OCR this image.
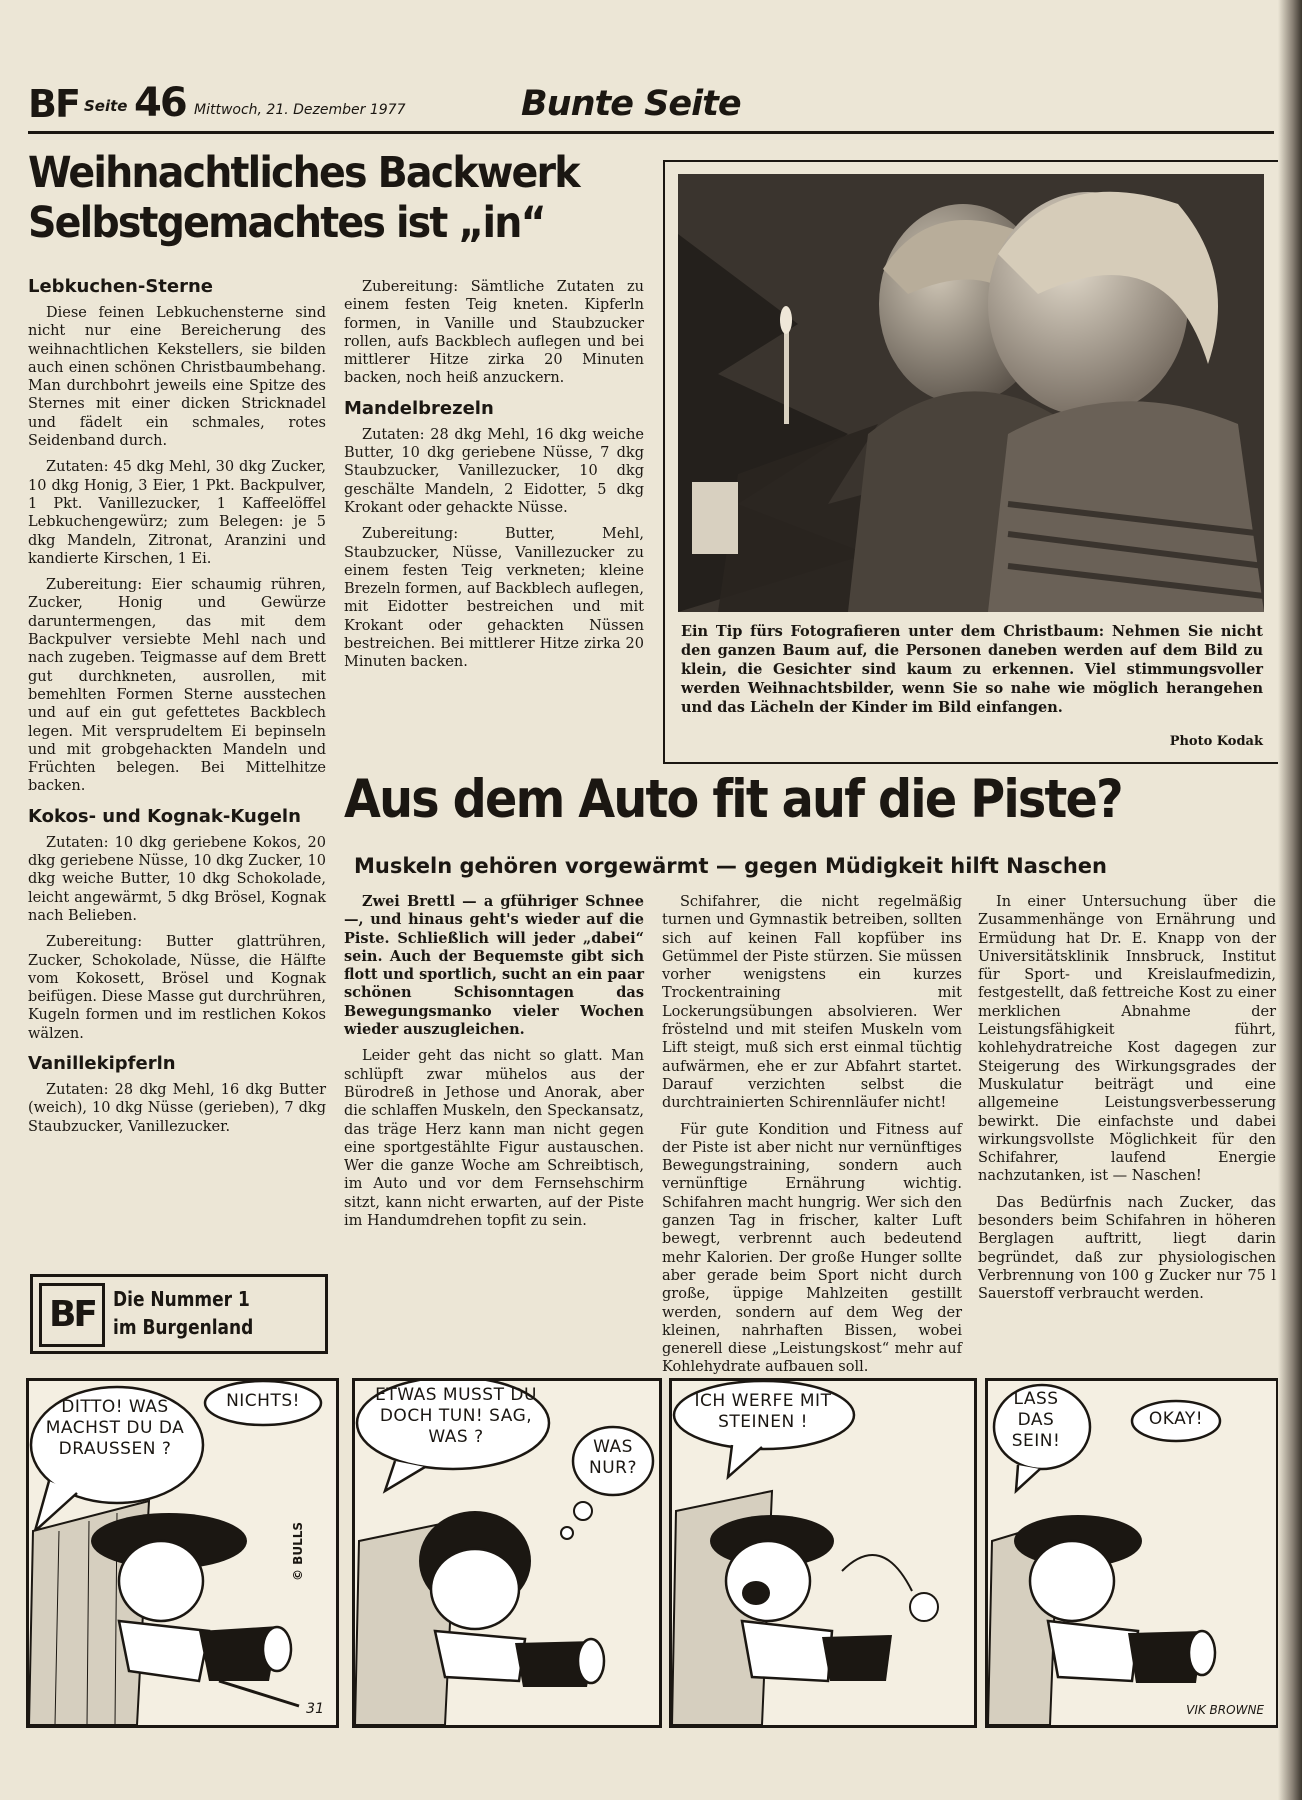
BF Seite 46 Mittwoch, 21. Dezember 1977	Bunte Seite
Weihnachtliches Backwerk
Selbstgemachtes ist „in“
Lebkuchen-Sterne

Diese feinen Lebkuchensterne sind nicht nur eine Bereicherung des weihnachtlichen Kekstellers, sie bilden auch einen schönen Christbaumbehang. Man durchbohrt jeweils eine Spitze des Sternes mit einer dicken Stricknadel und fädelt ein schmales, rotes Seidenband durch.

Zutaten: 45 dkg Mehl, 30 dkg Zucker, 10 dkg Honig, 3 Eier, 1 Pkt. Backpulver, 1 Pkt. Vanillezucker, 1 Kaffeelöffel Lebkuchengewürz; zum Belegen: je 5 dkg Mandeln, Zitronat, Aranzini und kandierte Kirschen, 1 Ei.

Zubereitung: Eier schaumig rühren, Zucker, Honig und Gewürze daruntermengen, das mit dem Backpulver versiebte Mehl nach und nach zugeben. Teigmasse auf dem Brett gut durchkneten, ausrollen, mit bemehlten Formen Sterne ausstechen und auf ein gut gefettetes Backblech legen. Mit versprudeltem Ei bepinseln und mit grobgehackten Mandeln und Früchten belegen. Bei Mittelhitze backen.

Kokos- und Kognak-Kugeln

Zutaten: 10 dkg geriebene Kokos, 20 dkg geriebene Nüsse, 10 dkg Zucker, 10 dkg weiche Butter, 10 dkg Schokolade, leicht angewärmt, 5 dkg Brösel, Kognak nach Belieben.

Zubereitung: Butter glattrühren, Zucker, Schokolade, Nüsse, die Hälfte vom Kokosett, Brösel und Kognak beifügen. Diese Masse gut durchrühren, Kugeln formen und im restlichen Kokos wälzen.

Vanillekipferln

Zutaten: 28 dkg Mehl, 16 dkg Butter (weich), 10 dkg Nüsse (gerieben), 7 dkg Staubzucker, Vanillezucker.

Zubereitung: Sämtliche Zutaten zu einem festen Teig kneten. Kipferln formen, in Vanille und Staubzucker rollen, aufs Backblech auflegen und bei mittlerer Hitze zirka 20 Minuten backen, noch heiß anzuckern.

Mandelbrezeln

Zutaten: 28 dkg Mehl, 16 dkg weiche Butter, 10 dkg geriebene Nüsse, 7 dkg Staubzucker, Vanillezucker, 10 dkg geschälte Mandeln, 2 Eidotter, 5 dkg Krokant oder gehackte Nüsse.

Zubereitung: Butter, Mehl, Staubzucker, Nüsse, Vanillezucker zu einem festen Teig verkneten; kleine Brezeln formen, auf Backblech auflegen, mit Eidotter bestreichen und mit Krokant oder gehackten Nüssen bestreichen. Bei mittlerer Hitze zirka 20 Minuten backen.

Ein Tip fürs Fotografieren unter dem Christbaum: Nehmen Sie nicht den ganzen Baum auf, die Personen daneben werden auf dem Bild zu klein, die Gesichter sind kaum zu erkennen. Viel stimmungsvoller werden Weihnachtsbilder, wenn Sie so nahe wie möglich herangehen und das Lächeln der Kinder im Bild einfangen.
Photo Kodak
Aus dem Auto fit auf die Piste?
Muskeln gehören vorgewärmt — gegen Müdigkeit hilft Naschen

Zwei Brettl — a gführiger Schnee —, und hinaus geht's wieder auf die Piste. Schließlich will jeder „dabei“ sein. Auch der Bequemste gibt sich flott und sportlich, sucht an ein paar schönen Schisonntagen das Bewegungsmanko vieler Wochen wieder auszugleichen.

Leider geht das nicht so glatt. Man schlüpft zwar mühelos aus der Bürodreß in Jethose und Anorak, aber die schlaffen Muskeln, den Speckansatz, das träge Herz kann man nicht gegen eine sportgestählte Figur austauschen. Wer die ganze Woche am Schreibtisch, im Auto und vor dem Fernsehschirm sitzt, kann nicht erwarten, auf der Piste im Handumdrehen topfit zu sein.

Schifahrer, die nicht regelmäßig turnen und Gymnastik betreiben, sollten sich auf keinen Fall kopfüber ins Getümmel der Piste stürzen. Sie müssen vorher wenigstens ein kurzes Trockentraining mit Lockerungsübungen absolvieren. Wer fröstelnd und mit steifen Muskeln vom Lift steigt, muß sich erst einmal tüchtig aufwärmen, ehe er zur Abfahrt startet. Darauf verzichten selbst die durchtrainierten Schirennläufer nicht!

Für gute Kondition und Fitness auf der Piste ist aber nicht nur vernünftiges Bewegungstraining, sondern auch vernünftige Ernährung wichtig. Schifahren macht hungrig. Wer sich den ganzen Tag in frischer, kalter Luft bewegt, verbrennt auch bedeutend mehr Kalorien. Der große Hunger sollte aber gerade beim Sport nicht durch große, üppige Mahlzeiten gestillt werden, sondern auf dem Weg der kleinen, nahrhaften Bissen, wobei generell diese „Leistungskost“ mehr auf Kohlehydrate aufbauen soll.

In einer Untersuchung über die Zusammenhänge von Ernährung und Ermüdung hat Dr. E. Knapp von der Universitätsklinik Innsbruck, Institut für Sport- und Kreislaufmedizin, festgestellt, daß fettreiche Kost zu einer merklichen Abnahme der Leistungsfähigkeit führt, kohlehydratreiche Kost dagegen zur Steigerung des Wirkungsgrades der Muskulatur beiträgt und eine allgemeine Leistungsverbesserung bewirkt. Die einfachste und dabei wirkungsvollste Möglichkeit für den Schifahrer, laufend Energie nachzutanken, ist — Naschen!

Das Bedürfnis nach Zucker, das besonders beim Schifahren in höheren Berglagen auftritt, liegt darin begründet, daß zur physiologischen Verbrennung von 100 g Zucker nur 75 l Sauerstoff verbraucht werden.

BF Die Nummer 1
im Burgenland
DITTO! WAS MACHST DU DA DRAUSSEN ?
NICHTS!
© BULLS
31
ETWAS MUSST DU DOCH TUN! SAG, WAS ?	WAS NUR?
ICH WERFE MIT STEINEN !
LASS DAS SEIN!
OKAY!
VIK BROWNE
